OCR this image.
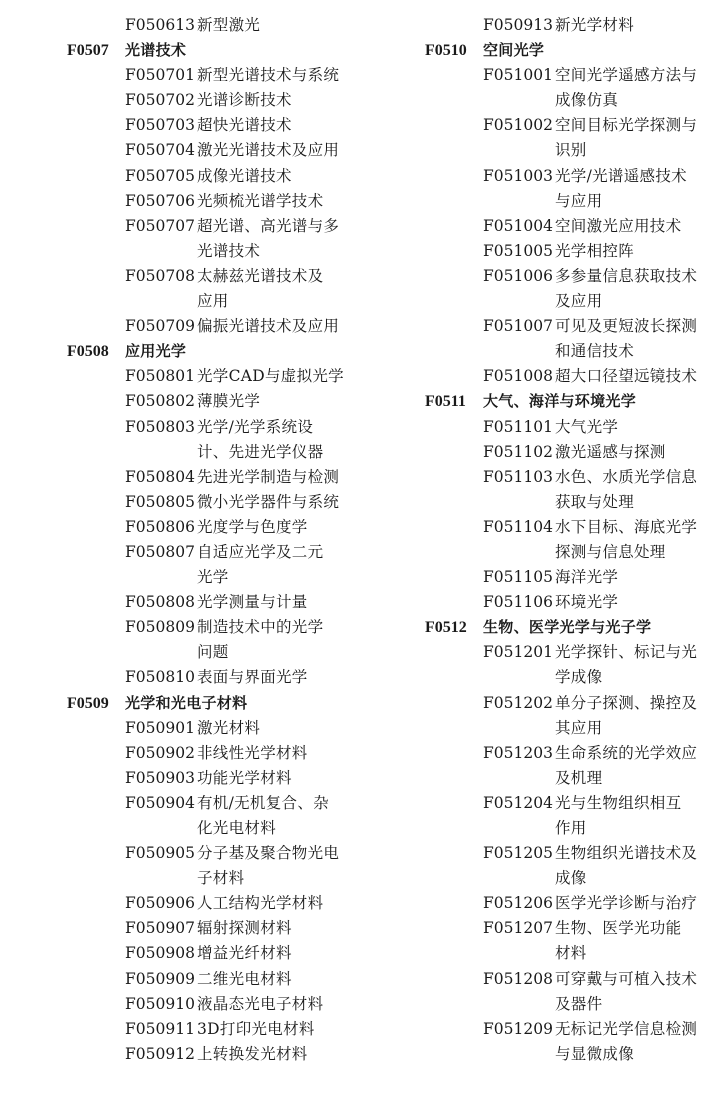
F050613 新型激光
F0507 光谱技术
F050701 新型光谱技术与系统
F050702 光谱诊断技术
F050703 超快光谱技术
F050704 激光光谱技术及应用
F050705 成像光谱技术
F050706 光频梳光谱学技术
F050707 超光谱、高光谱与多
光谱技术
F050708 太赫兹光谱技术及
应用
F050709 偏振光谱技术及应用
F0508 应用光学
F050801 光学CAD与虚拟光学
F050802 薄膜光学
F050803 光学/光学系统设
计、先进光学仪器
F050804 先进光学制造与检测
F050805 微小光学器件与系统
F050806 光度学与色度学
F050807 自适应光学及二元
光学
F050808 光学测量与计量
F050809 制造技术中的光学
问题
F050810 表面与界面光学
F0509 光学和光电子材料
F050901 激光材料
F050902 非线性光学材料
F050903 功能光学材料
F050904 有机/无机复合、杂
化光电材料
F050905 分子基及聚合物光电
子材料
F050906 人工结构光学材料
F050907 辐射探测材料
F050908 增益光纤材料
F050909 二维光电材料
F050910 液晶态光电子材料
F050911 3D打印光电材料
F050912 上转换发光材料
F050913 新光学材料
F0510 空间光学
F051001 空间光学遥感方法与
成像仿真
F051002 空间目标光学探测与
识别
F051003 光学/光谱遥感技术
与应用
F051004 空间激光应用技术
F051005 光学相控阵
F051006 多参量信息获取技术
及应用
F051007 可见及更短波长探测
和通信技术
F051008 超大口径望远镜技术
F0511 大气、海洋与环境光学
F051101 大气光学
F051102 激光遥感与探测
F051103 水色、水质光学信息
获取与处理
F051104 水下目标、海底光学
探测与信息处理
F051105 海洋光学
F051106 环境光学
F0512 生物、医学光学与光子学
F051201 光学探针、标记与光
学成像
F051202 单分子探测、操控及
其应用
F051203 生命系统的光学效应
及机理
F051204 光与生物组织相互
作用
F051205 生物组织光谱技术及
成像
F051206 医学光学诊断与治疗
F051207 生物、医学光功能
材料
F051208 可穿戴与可植入技术
及器件
F051209 无标记光学信息检测
与显微成像
